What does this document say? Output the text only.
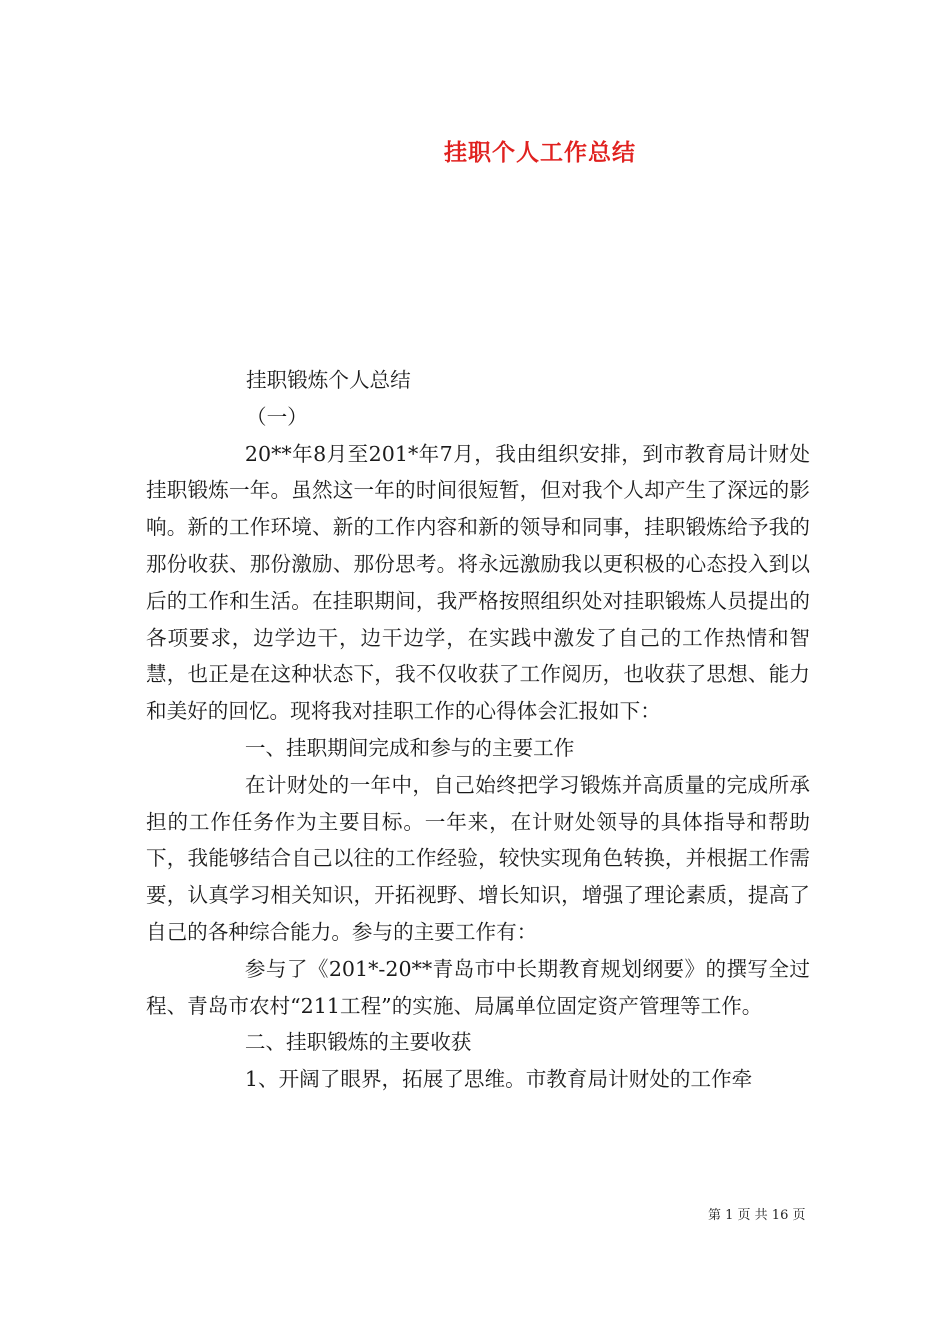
挂职个人工作总结

挂职锻炼个人总结

（一）

20**年8月至201*年7月，我由组织安排，到市教育局计财处挂职锻炼一年。虽然这一年的时间很短暂，但对我个人却产生了深远的影响。新的工作环境、新的工作内容和新的领导和同事，挂职锻炼给予我的那份收获、那份激励、那份思考。将永远激励我以更积极的心态投入到以后的工作和生活。在挂职期间，我严格按照组织处对挂职锻炼人员提出的各项要求，边学边干，边干边学，在实践中激发了自己的工作热情和智慧，也正是在这种状态下，我不仅收获了工作阅历，也收获了思想、能力和美好的回忆。现将我对挂职工作的心得体会汇报如下：

一、挂职期间完成和参与的主要工作

在计财处的一年中，自己始终把学习锻炼并高质量的完成所承担的工作任务作为主要目标。一年来，在计财处领导的具体指导和帮助下，我能够结合自己以往的工作经验，较快实现角色转换，并根据工作需要，认真学习相关知识，开拓视野、增长知识，增强了理论素质，提高了自己的各种综合能力。参与的主要工作有：

参与了《201*-20**青岛市中长期教育规划纲要》的撰写全过程、青岛市农村“211工程”的实施、局属单位固定资产管理等工作。

二、挂职锻炼的主要收获

1、开阔了眼界，拓展了思维。市教育局计财处的工作牵

第 1 页 共 16 页
